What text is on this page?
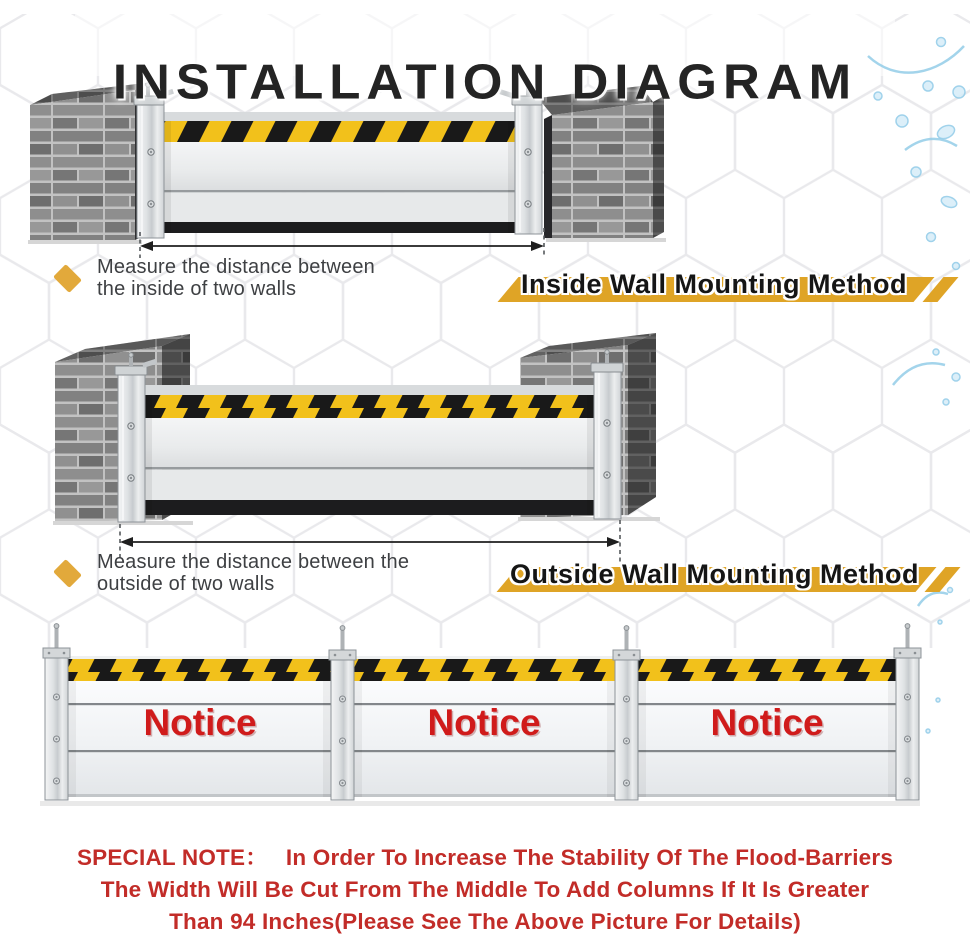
INSTALLATION DIAGRAM
Measure the distance between
the inside of two walls	Inside Wall Mounting Method
Measure the distance between the
outside of two walls	Outside Wall Mounting Method
Notice	Notice	Notice
SPECIAL NOTE： In Order To Increase The Stability Of The Flood-Barriers
The Width Will Be Cut From The Middle To Add Columns If It Is Greater
Than 94 Inches(Please See The Above Picture For Details)
